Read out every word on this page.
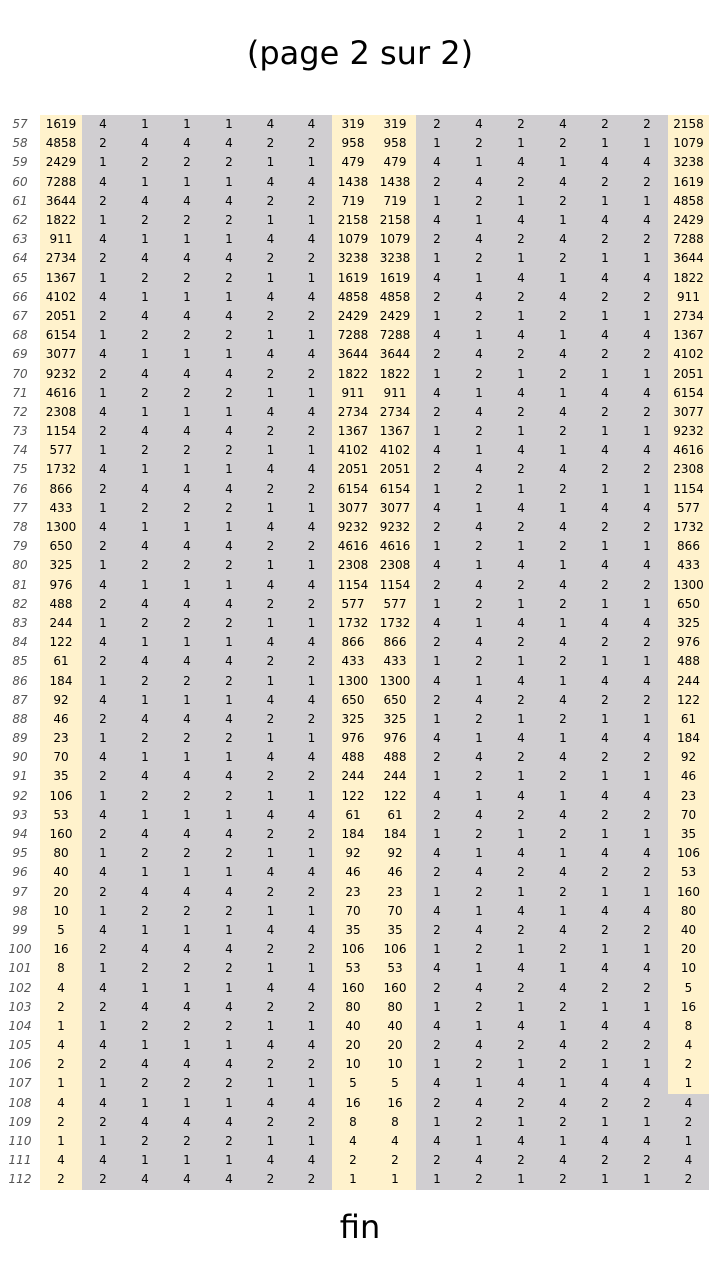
(page 2 sur 2)
57	1619	4	1	1	1	4	4	319	319	2	4	2	4	2	2	2158
58	4858	2	4	4	4	2	2	958	958	1	2	1	2	1	1	1079
59	2429	1	2	2	2	1	1	479	479	4	1	4	1	4	4	3238
60	7288	4	1	1	1	4	4	1438	1438	2	4	2	4	2	2	1619
61	3644	2	4	4	4	2	2	719	719	1	2	1	2	1	1	4858
62	1822	1	2	2	2	1	1	2158	2158	4	1	4	1	4	4	2429
63	911	4	1	1	1	4	4	1079	1079	2	4	2	4	2	2	7288
64	2734	2	4	4	4	2	2	3238	3238	1	2	1	2	1	1	3644
65	1367	1	2	2	2	1	1	1619	1619	4	1	4	1	4	4	1822
66	4102	4	1	1	1	4	4	4858	4858	2	4	2	4	2	2	911
67	2051	2	4	4	4	2	2	2429	2429	1	2	1	2	1	1	2734
68	6154	1	2	2	2	1	1	7288	7288	4	1	4	1	4	4	1367
69	3077	4	1	1	1	4	4	3644	3644	2	4	2	4	2	2	4102
70	9232	2	4	4	4	2	2	1822	1822	1	2	1	2	1	1	2051
71	4616	1	2	2	2	1	1	911	911	4	1	4	1	4	4	6154
72	2308	4	1	1	1	4	4	2734	2734	2	4	2	4	2	2	3077
73	1154	2	4	4	4	2	2	1367	1367	1	2	1	2	1	1	9232
74	577	1	2	2	2	1	1	4102	4102	4	1	4	1	4	4	4616
75	1732	4	1	1	1	4	4	2051	2051	2	4	2	4	2	2	2308
76	866	2	4	4	4	2	2	6154	6154	1	2	1	2	1	1	1154
77	433	1	2	2	2	1	1	3077	3077	4	1	4	1	4	4	577
78	1300	4	1	1	1	4	4	9232	9232	2	4	2	4	2	2	1732
79	650	2	4	4	4	2	2	4616	4616	1	2	1	2	1	1	866
80	325	1	2	2	2	1	1	2308	2308	4	1	4	1	4	4	433
81	976	4	1	1	1	4	4	1154	1154	2	4	2	4	2	2	1300
82	488	2	4	4	4	2	2	577	577	1	2	1	2	1	1	650
83	244	1	2	2	2	1	1	1732	1732	4	1	4	1	4	4	325
84	122	4	1	1	1	4	4	866	866	2	4	2	4	2	2	976
85	61	2	4	4	4	2	2	433	433	1	2	1	2	1	1	488
86	184	1	2	2	2	1	1	1300	1300	4	1	4	1	4	4	244
87	92	4	1	1	1	4	4	650	650	2	4	2	4	2	2	122
88	46	2	4	4	4	2	2	325	325	1	2	1	2	1	1	61
89	23	1	2	2	2	1	1	976	976	4	1	4	1	4	4	184
90	70	4	1	1	1	4	4	488	488	2	4	2	4	2	2	92
91	35	2	4	4	4	2	2	244	244	1	2	1	2	1	1	46
92	106	1	2	2	2	1	1	122	122	4	1	4	1	4	4	23
93	53	4	1	1	1	4	4	61	61	2	4	2	4	2	2	70
94	160	2	4	4	4	2	2	184	184	1	2	1	2	1	1	35
95	80	1	2	2	2	1	1	92	92	4	1	4	1	4	4	106
96	40	4	1	1	1	4	4	46	46	2	4	2	4	2	2	53
97	20	2	4	4	4	2	2	23	23	1	2	1	2	1	1	160
98	10	1	2	2	2	1	1	70	70	4	1	4	1	4	4	80
99	5	4	1	1	1	4	4	35	35	2	4	2	4	2	2	40
100	16	2	4	4	4	2	2	106	106	1	2	1	2	1	1	20
101	8	1	2	2	2	1	1	53	53	4	1	4	1	4	4	10
102	4	4	1	1	1	4	4	160	160	2	4	2	4	2	2	5
103	2	2	4	4	4	2	2	80	80	1	2	1	2	1	1	16
104	1	1	2	2	2	1	1	40	40	4	1	4	1	4	4	8
105	4	4	1	1	1	4	4	20	20	2	4	2	4	2	2	4
106	2	2	4	4	4	2	2	10	10	1	2	1	2	1	1	2
107	1	1	2	2	2	1	1	5	5	4	1	4	1	4	4	1
108	4	4	1	1	1	4	4	16	16	2	4	2	4	2	2	4
109	2	2	4	4	4	2	2	8	8	1	2	1	2	1	1	2
110	1	1	2	2	2	1	1	4	4	4	1	4	1	4	4	1
111	4	4	1	1	1	4	4	2	2	2	4	2	4	2	2	4
112	2	2	4	4	4	2	2	1	1	1	2	1	2	1	1	2
fin
